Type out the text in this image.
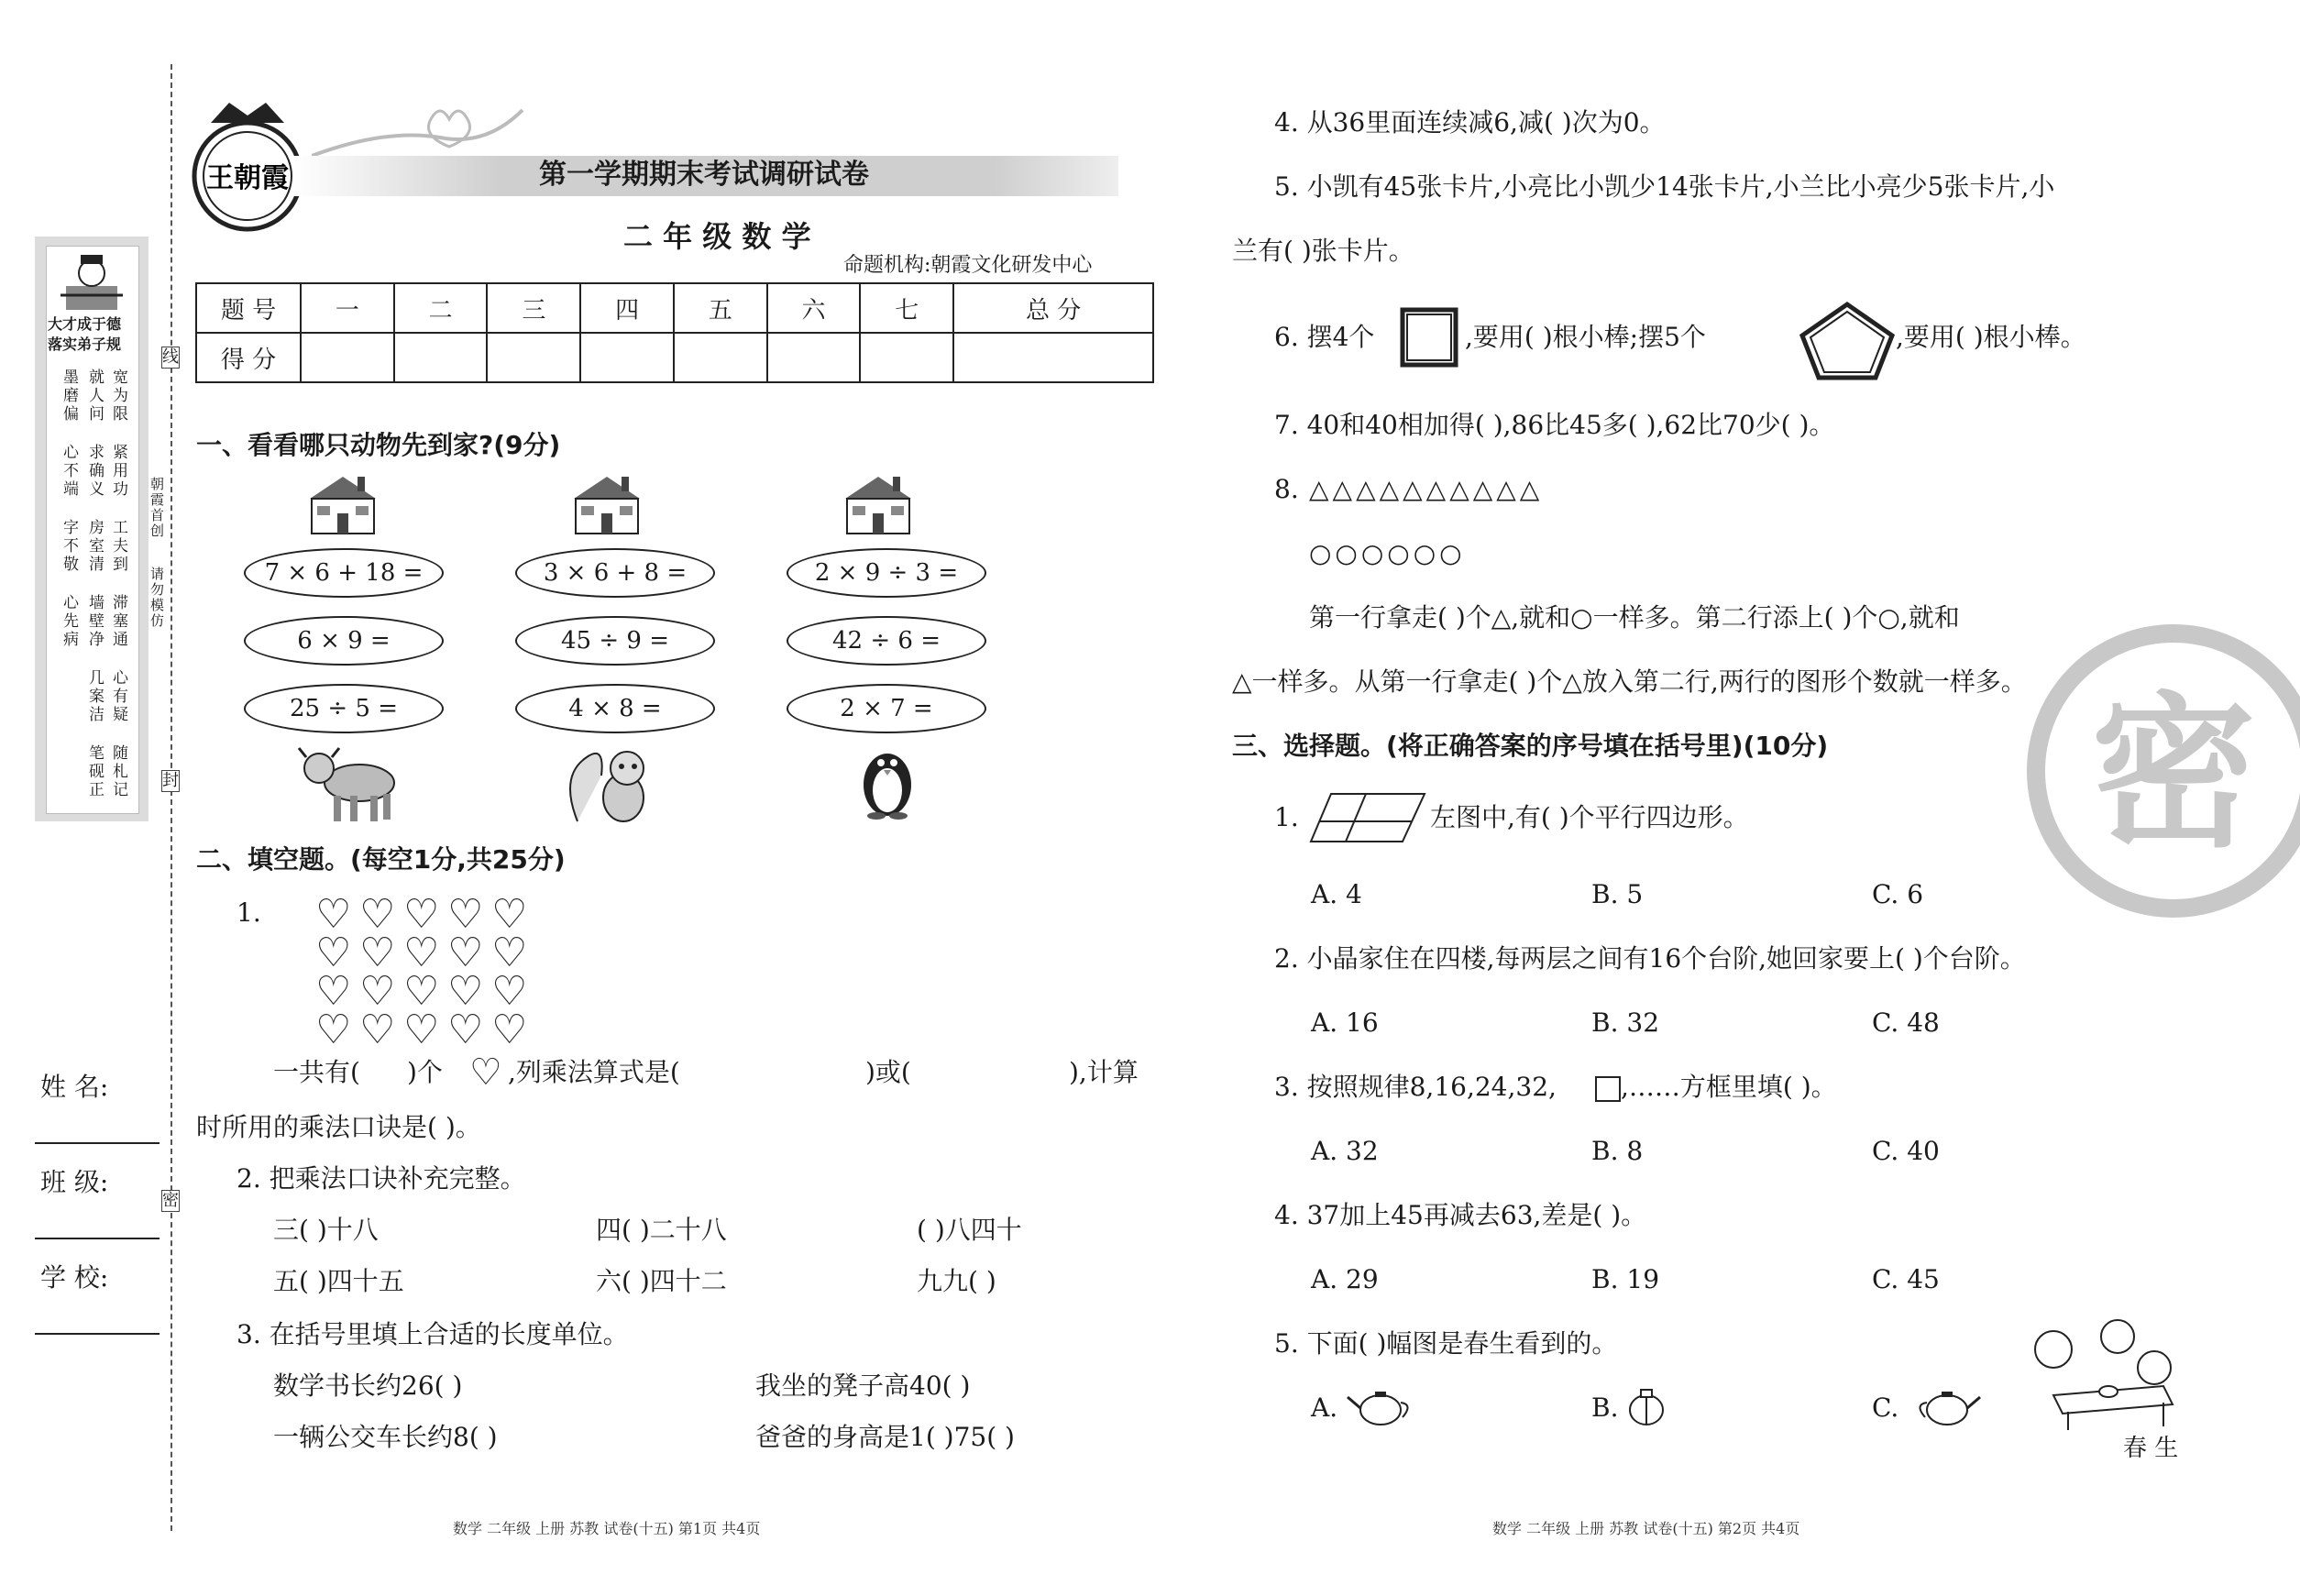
大才成于德
落实弟子规
宽为限
紧用功
工夫到
滞塞通
心有疑
随札记
就人问
求确义
房室清
墙壁净
几案洁
笔砚正
墨磨偏
心不端
字不敬
心先病
姓 名:
班 级:
学 校:
线
封
密
朝霞首创
请勿模仿
王朝霞	第一学期期末考试调研试卷
二 年 级 数 学
命题机构:朝霞文化研发中心
题 号	一	二	三	四	五	六	七	总 分
得 分								
一、看看哪只动物先到家?(9分)
7 × 6 + 18 =
6 × 9 =
25 ÷ 5 =
3 × 6 + 8 =
45 ÷ 9 =
4 × 8 =
2 × 9 ÷ 3 =
42 ÷ 6 =
2 × 7 =
二、填空题。(每空1分,共25分)
1. ♡ ♡ ♡ ♡ ♡
♡ ♡ ♡ ♡ ♡
♡ ♡ ♡ ♡ ♡
♡ ♡ ♡ ♡ ♡
一共有( )个 ♡ ,列乘法算式是(	)或(	),计算
时所用的乘法口诀是( )。
2. 把乘法口诀补充完整。
三( )十八	四( )二十八	( )八四十
五( )四十五	六( )四十二	九九( )
3. 在括号里填上合适的长度单位。
数学书长约26( )	我坐的凳子高40( )
一辆公交车长约8( )	爸爸的身高是1( )75( )
数学 二年级 上册 苏教 试卷(十五) 第1页 共4页
4. 从36里面连续减6,减( )次为0。
5. 小凯有45张卡片,小亮比小凯少14张卡片,小兰比小亮少5张卡片,小
兰有( )张卡片。
6. 摆4个	,要用( )根小棒;摆5个	,要用( )根小棒。
7. 40和40相加得( ),86比45多( ),62比70少( )。
8. △△△△△△△△△△
○○○○○○
第一行拿走( )个△,就和○一样多。第二行添上( )个○,就和
△一样多。从第一行拿走( )个△放入第二行,两行的图形个数就一样多。
三、选择题。(将正确答案的序号填在括号里)(10分)
1.	左图中,有( )个平行四边形。
A. 4	B. 5	C. 6
2. 小晶家住在四楼,每两层之间有16个台阶,她回家要上( )个台阶。
A. 16	B. 32	C. 48
3. 按照规律8,16,24,32,	,……方框里填( )。
A. 32	B. 8	C. 40
4. 37加上45再减去63,差是( )。
A. 29	B. 19	C. 45
5. 下面( )幅图是春生看到的。
A.	B.	C.
春 生
密
数学 二年级 上册 苏教 试卷(十五) 第2页 共4页
